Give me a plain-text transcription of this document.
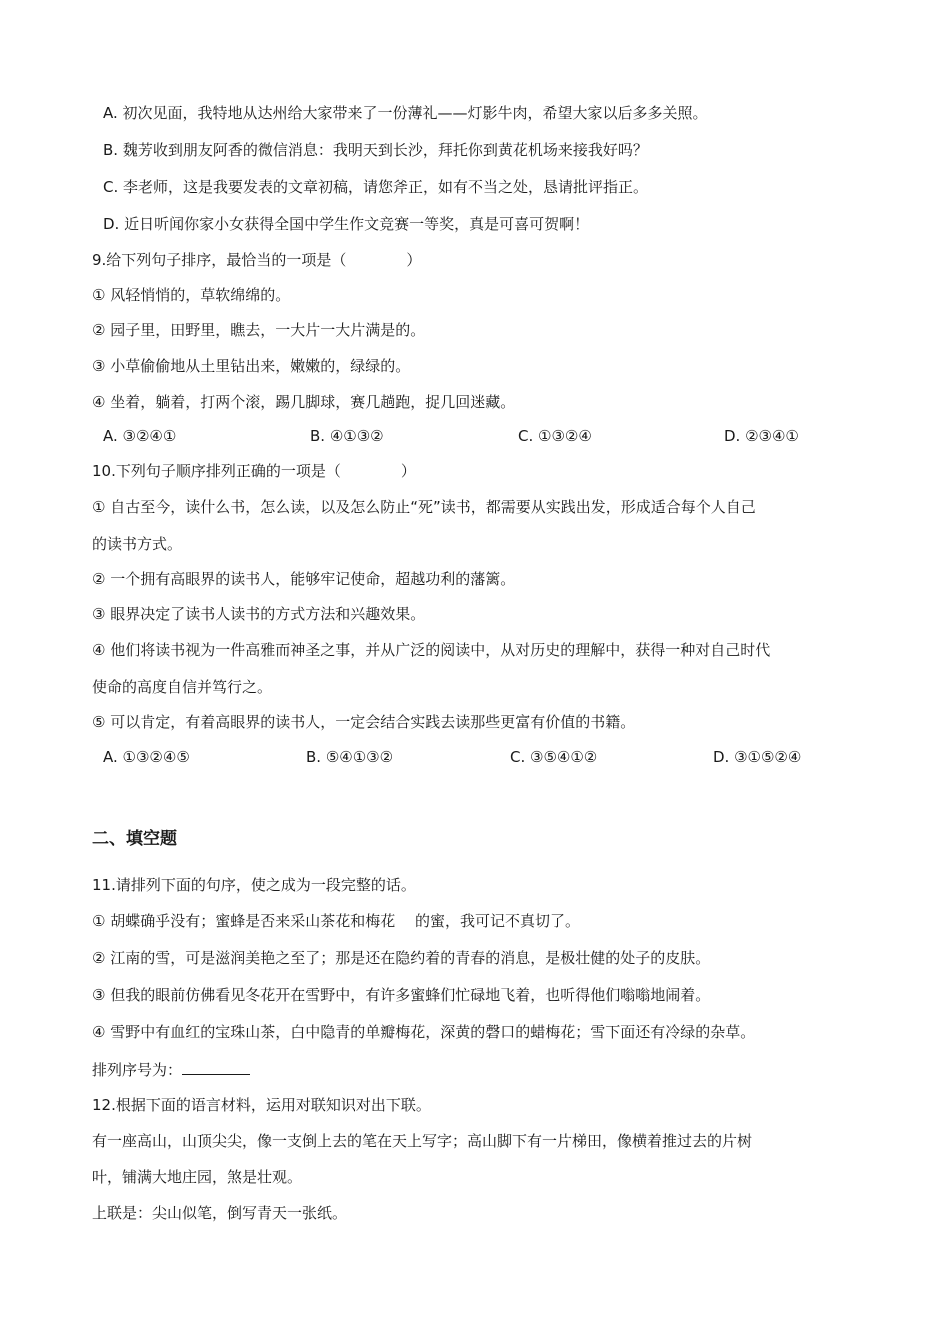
A. 初次见面，我特地从达州给大家带来了一份薄礼——灯影牛肉，希望大家以后多多关照。
B. 魏芳收到朋友阿香的微信消息：我明天到长沙，拜托你到黄花机场来接我好吗？
C. 李老师，这是我要发表的文章初稿，请您斧正，如有不当之处，恳请批评指正。
D. 近日听闻你家小女获得全国中学生作文竞赛一等奖，真是可喜可贺啊！
9.给下列句子排序，最恰当的一项是（　　　　）
① 风轻悄悄的，草软绵绵的。
② 园子里，田野里，瞧去，一大片一大片满是的。
③ 小草偷偷地从土里钻出来，嫩嫩的，绿绿的。
④ 坐着，躺着，打两个滚，踢几脚球，赛几趟跑，捉几回迷藏。
A. ③②④①	B. ④①③②	C. ①③②④	D. ②③④①
10.下列句子顺序排列正确的一项是（　　　　）
① 自古至今，读什么书，怎么读，以及怎么防止“死”读书，都需要从实践出发，形成适合每个人自己
的读书方式。
② 一个拥有高眼界的读书人，能够牢记使命，超越功利的藩篱。
③ 眼界决定了读书人读书的方式方法和兴趣效果。
④ 他们将读书视为一件高雅而神圣之事，并从广泛的阅读中，从对历史的理解中，获得一种对自己时代
使命的高度自信并笃行之。
⑤ 可以肯定，有着高眼界的读书人，一定会结合实践去读那些更富有价值的书籍。
A. ①③②④⑤	B. ⑤④①③②	C. ③⑤④①②	D. ③①⑤②④
二、填空题
11.请排列下面的句序，使之成为一段完整的话。
① 胡蝶确乎没有；蜜蜂是否来采山茶花和梅花　 的蜜，我可记不真切了。
② 江南的雪，可是滋润美艳之至了；那是还在隐约着的青春的消息，是极壮健的处子的皮肤。
③ 但我的眼前仿佛看见冬花开在雪野中，有许多蜜蜂们忙碌地飞着，也听得他们嗡嗡地闹着。
④ 雪野中有血红的宝珠山茶，白中隐青的单瓣梅花，深黄的磬口的蜡梅花；雪下面还有冷绿的杂草。
排列序号为：
12.根据下面的语言材料，运用对联知识对出下联。
有一座高山，山顶尖尖，像一支倒上去的笔在天上写字；高山脚下有一片梯田，像横着推过去的片树
叶，铺满大地庄园，煞是壮观。
上联是：尖山似笔，倒写青天一张纸。
